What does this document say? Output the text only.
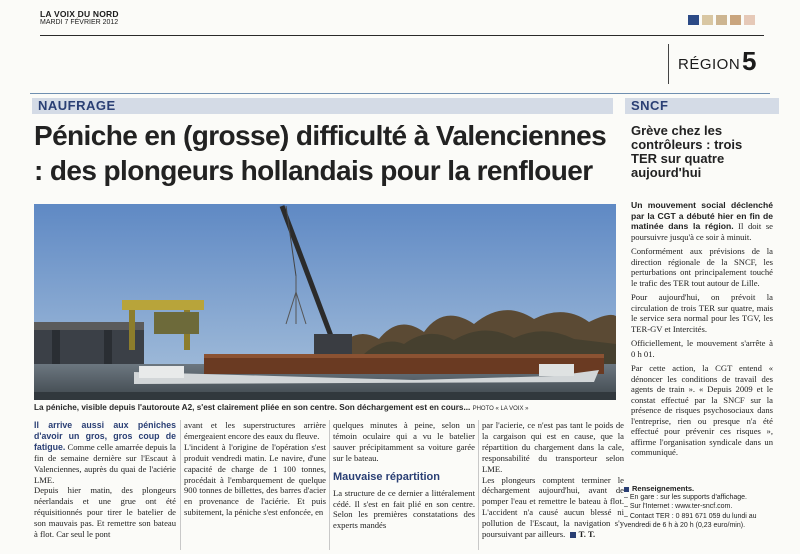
LA VOIX DU NORD
MARDI 7 FÉVRIER 2012
RÉGION 5
NAUFRAGE	SNCF
Péniche en (grosse) difficulté à Valenciennes : des plongeurs hollandais pour la renflouer
La péniche, visible depuis l'autoroute A2, s'est clairement pliée en son centre. Son déchargement est en cours... PHOTO « LA VOIX »

Il arrive aussi aux péniches d'avoir un gros, gros coup de fatigue. Comme celle amarrée depuis la fin de semaine dernière sur l'Escaut à Valenciennes, auprès du quai de l'aciérie LME.

Depuis hier matin, des plongeurs néerlandais et une grue ont été réquisitionnés pour tirer le batelier de son mauvais pas. Et remettre son bateau à flot. Car seul le pont

avant et les superstructures arrière émergeaient encore des eaux du fleuve.

L'incident à l'origine de l'opération s'est produit vendredi matin. Le navire, d'une capacité de charge de 1 100 tonnes, procédait à l'embarquement de quelque 900 tonnes de billettes, des barres d'acier en provenance de l'aciérie. Et puis subitement, la péniche s'est enfoncée, en

quelques minutes à peine, selon un témoin oculaire qui a vu le batelier sauver précipitamment sa voiture garée sur le bateau.

Mauvaise répartition

La structure de ce dernier a littéralement cédé. Il s'est en fait plié en son centre. Selon les premières constatations des experts mandés

par l'acierie, ce n'est pas tant le poids de la cargaison qui est en cause, que la répartition du chargement dans la cale, responsabilité du transporteur selon LME.

Les plongeurs comptent terminer le déchargement aujourd'hui, avant de pomper l'eau et remettre le bateau à flot. L'accident n'a causé aucun blessé ni pollution de l'Escaut, la navigation s'y poursuivant par ailleurs. T. T.

Grève chez les contrôleurs : trois TER sur quatre aujourd'hui

Un mouvement social déclenché par la CGT a débuté hier en fin de matinée dans la région. Il doit se poursuivre jusqu'à ce soir à minuit.

Conformément aux prévisions de la direction régionale de la SNCF, les perturbations ont principalement touché le trafic des TER tout autour de Lille.

Pour aujourd'hui, on prévoit la circulation de trois TER sur quatre, mais le service sera normal pour les TGV, les TER-GV et Intercités.

Officiellement, le mouvement s'arrête à 0 h 01.

Par cette action, la CGT entend « dénoncer les conditions de travail des agents de train ». « Depuis 2009 et le constat effectué par la SNCF sur la présence de risques psychosociaux dans l'entreprise, rien ou presque n'a été effectué pour prévenir ces risques », affirme l'organisation syndicale dans un communiqué.

Renseignements.
– En gare : sur les supports d'affichage.
– Sur l'Internet : www.ter-sncf.com.
– Contact TER : 0 891 671 059 du lundi au vendredi de 6 h à 20 h (0,23 euro/min).
